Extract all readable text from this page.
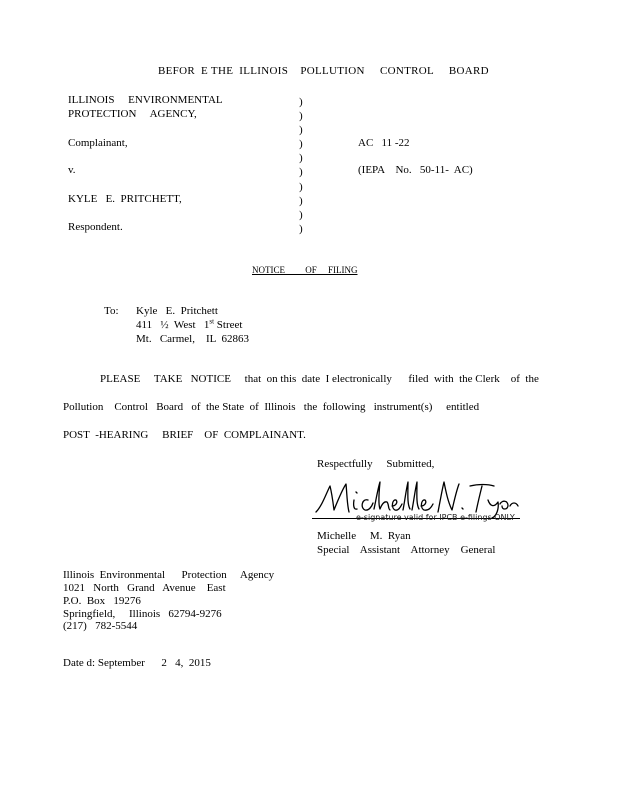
BEFOR  E THE  ILLINOIS    POLLUTION     CONTROL     BOARD
ILLINOIS     ENVIRONMENTAL
PROTECTION     AGENCY,
Complainant,
v.
KYLE   E.  PRITCHETT,
Respondent.
)
)
)
)
)
)
)
)
)
)
AC   11 -22
(IEPA    No.   50-11-  AC)
NOTICE         OF     FILING
To: Kyle   E.  Pritchett
411   ½  West   1st Street
Mt.   Carmel,    IL  62863
PLEASE     TAKE   NOTICE     that  on this  date  I electronically      filed  with  the Clerk    of  the
Pollution    Control   Board   of  the State  of  Illinois   the  following   instrument(s)     entitled
POST  -HEARING     BRIEF    OF  COMPLAINANT.
Respectfully     Submitted,
e-signature valid for IPCB e-filings ONLY
Michelle     M.  Ryan
Special    Assistant    Attorney    General
Illinois  Environmental      Protection     Agency
1021   North   Grand   Avenue    East
P.O.  Box   19276
Springfield,     Illinois   62794-9276
(217)   782-5544
Date d: September      2   4,  2015
